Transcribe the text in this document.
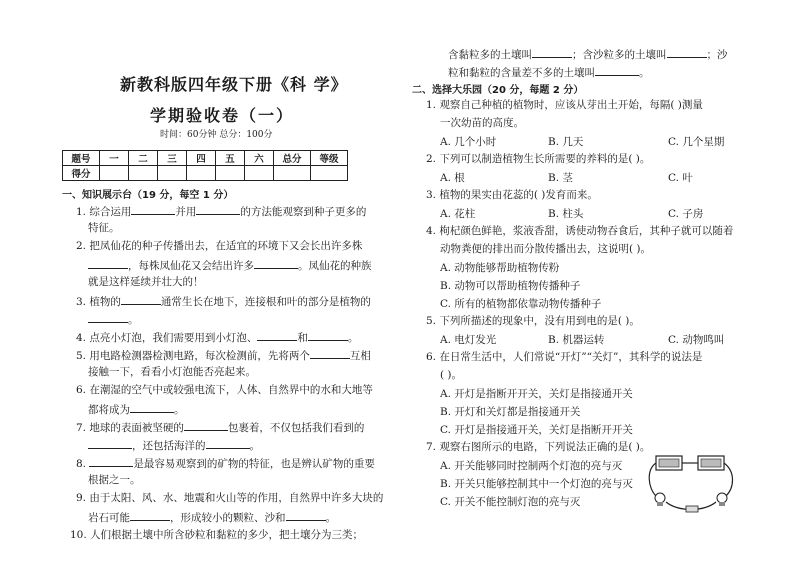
新教科版四年级下册《科 学》
学期验收卷（一）
时间：60分钟 总分：100分
题号	一	二	三	四	五	六	总分	等级
得分								
一、知识展示台（19 分，每空 1 分）
1. 综合运用	并用	的方法能观察到种子更多的
特征。
2. 把凤仙花的种子传播出去，在适宜的环境下又会长出许多株
，每株凤仙花又会结出许多	。凤仙花的种族
就是这样延续并壮大的！
3. 植物的	通常生长在地下，连接根和叶的部分是植物的
。
4. 点亮小灯泡，我们需要用到小灯泡、	和	。
5. 用电路检测器检测电路，每次检测前，先将两个	互相
接触一下，看看小灯泡能否亮起来。
6. 在潮湿的空气中或较强电流下，人体、自然界中的水和大地等
都将成为	。
7. 地球的表面被坚硬的	包裹着，不仅包括我们看到的
，还包括海洋的	。
8.	是最容易观察到的矿物的特征，也是辨认矿物的重要
根据之一。
9. 由于太阳、风、水、地震和火山等的作用，自然界中许多大块的
岩石可能	，形成较小的颗粒、沙和	。
10. 人们根据土壤中所含砂粒和黏粒的多少，把土壤分为三类；
含黏粒多的土壤叫	；含沙粒多的土壤叫	；沙
粒和黏粒的含量差不多的土壤叫	。
二、选择大乐园（20 分，每题 2 分）
1. 观察自己种植的植物时，应该从芽出土开始，每隔( )测量
一次幼苗的高度。
A. 几个小时	B. 几天	C. 几个星期
2. 下列可以制造植物生长所需要的养料的是( )。
A. 根	B. 茎	C. 叶
3. 植物的果实由花蕊的( )发育而来。
A. 花柱	B. 柱头	C. 子房
4. 枸杞颜色鲜艳，浆液香甜，诱使动物吞食后，其种子就可以随着
动物粪便的排出而分散传播出去，这说明( )。
A. 动物能够帮助植物传粉
B. 动物可以帮助植物传播种子
C. 所有的植物都依靠动物传播种子
5. 下列所描述的现象中，没有用到电的是( )。
A. 电灯发光	B. 机器运转	C. 动物鸣叫
6. 在日常生活中，人们常说“开灯”“关灯”，其科学的说法是
( )。
A. 开灯是指断开开关，关灯是指接通开关
B. 开灯和关灯都是指接通开关
C. 开灯是指接通开关，关灯是指断开开关
7. 观察右图所示的电路，下列说法正确的是( )。
A. 开关能够同时控制两个灯泡的亮与灭
B. 开关只能够控制其中一个灯泡的亮与灭
C. 开关不能控制灯泡的亮与灭
